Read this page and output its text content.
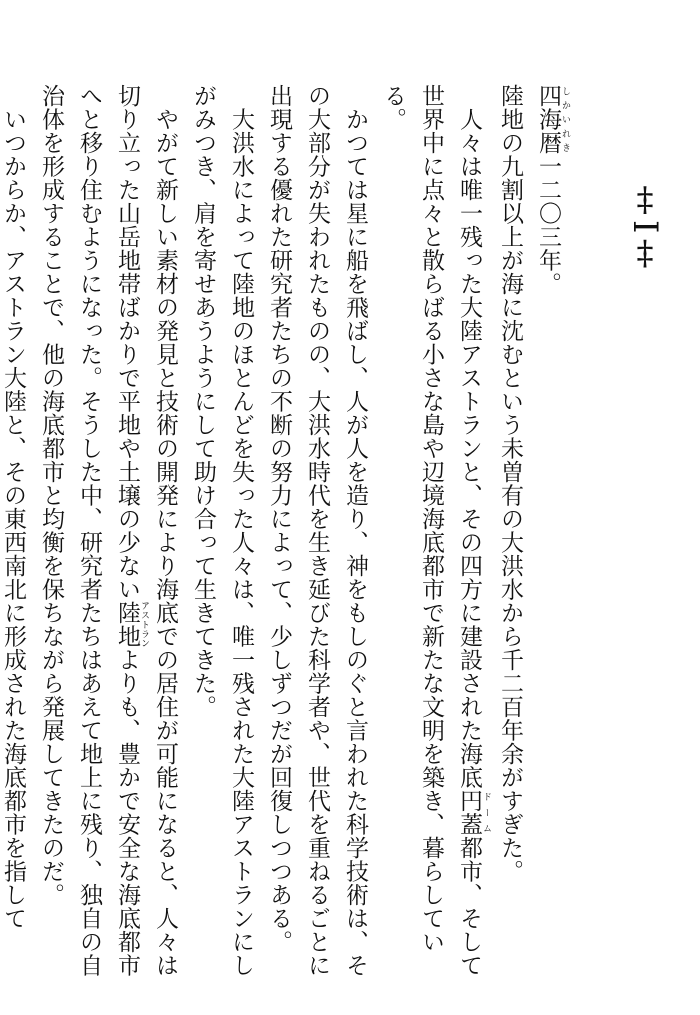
‡I‡

四海暦 しかいれき一二〇三年。

陸地の九割以上が海に沈むという未曽有の大洪水から千二百年余がすぎた。

　人々は唯一残った大陸アストランと、その四方に建設された海底円蓋 ドーム都市、そして世界中に点々と散らばる小さな島や辺境海底都市で新たな文明を築き、暮らしている。

　かつては星に船を飛ばし、人が人を造り、神をもしのぐと言われた科学技術は、その大部分が失われたものの、大洪水時代を生き延びた科学者や、世代を重ねるごとに出現する優れた研究者たちの不断の努力によって、少しずつだが回復しつつある。

　大洪水によって陸地のほとんどを失った人々は、唯一残された大陸アストランにしがみつき、肩を寄せあうようにして助け合って生きてきた。

　やがて新しい素材の発見と技術の開発により海底での居住が可能になると、人々は切り立った山岳地帯ばかりで平地や土壌の少ない陸地 アストランよりも、豊かで安全な海底都市へと移り住むようになった。そうした中、研究者たちはあえて地上に残り、独自の自治体を形成することで、他の海底都市と均衡を保ちながら発展してきたのだ。

　いつからか、アストラン大陸と、その東西南北に形成された海底都市を指して
